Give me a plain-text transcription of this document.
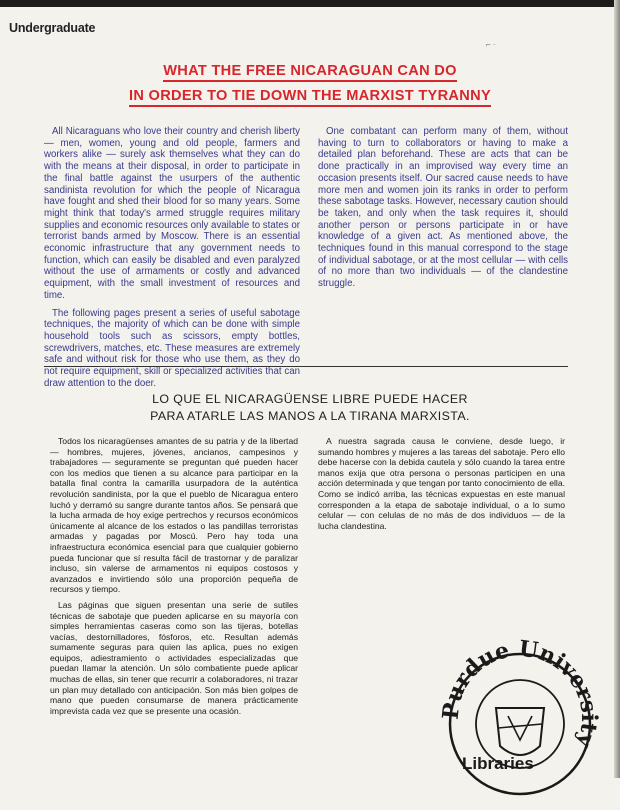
⌐ ·
Undergraduate
WHAT THE FREE NICARAGUAN CAN DO
IN ORDER TO TIE DOWN THE MARXIST TYRANNY

All Nicaraguans who love their country and cherish liberty — men, women, young and old people, farmers and workers alike — surely ask themselves what they can do with the means at their disposal, in order to participate in the final battle against the usurpers of the authentic sandinista revolution for which the people of Nicaragua have fought and shed their blood for so many years. Some might think that today's armed struggle requires military supplies and economic resources only available to states or terrorist bands armed by Moscow. There is an essential economic infrastructure that any government needs to function, which can easily be disabled and even paralyzed without the use of armaments or costly and advanced equipment, with the small investment of resources and time.

The following pages present a series of useful sabotage techniques, the majority of which can be done with simple household tools such as scissors, empty bottles, screwdrivers, matches, etc. These measures are extremely safe and without risk for those who use them, as they do not require equipment, skill or specialized activities that can draw attention to the doer.

One combatant can perform many of them, without having to turn to collaborators or having to make a detailed plan beforehand. These are acts that can be done practically in an improvised way every time an occasion presents itself. Our sacred cause needs to have more men and women join its ranks in order to perform these sabotage tasks. However, necessary caution should be taken, and only when the task requires it, should another person or persons participate in or have knowledge of a given act. As mentioned above, the techniques found in this manual correspond to the stage of individual sabotage, or at the most cellular — with cells of no more than two individuals — of the clandestine struggle.

LO QUE EL NICARAGÜENSE LIBRE PUEDE HACER
PARA ATARLE LAS MANOS A LA TIRANA MARXISTA.

Todos los nicaragüenses amantes de su patria y de la libertad — hombres, mujeres, jóvenes, ancianos, campesinos y trabajadores — seguramente se preguntan qué pueden hacer con los medios que tienen a su alcance para participar en la batalla final contra la camarilla usurpadora de la auténtica revolución sandinista, por la que el pueblo de Nicaragua entero luchó y derramó su sangre durante tantos años. Se pensará que la lucha armada de hoy exige pertrechos y recursos económicos únicamente al alcance de los estados o las pandillas terroristas armadas y pagadas por Moscú. Pero hay toda una infraestructura económica esencial para que cualquier gobierno pueda funcionar que sí resulta fácil de trastornar y de paralizar incluso, sin valerse de armamentos ni equipos costosos y avanzados e invirtiendo sólo una proporción pequeña de recursos y tiempo.

Las páginas que siguen presentan una serie de sutiles técnicas de sabotaje que pueden aplicarse en su mayoría con simples herramientas caseras como son las tijeras, botellas vacías, destornilladores, fósforos, etc. Resultan además sumamente seguras para quien las aplica, pues no exigen equipos, adiestramiento o actividades especializadas que puedan llamar la atención. Un sólo combatiente puede aplicar muchas de ellas, sin tener que recurrir a colaboradores, ni trazar un plan muy detallado con anticipación. Son más bien golpes de mano que pueden consumarse de manera prácticamente imprevista cada vez que se presente una ocasión.

A nuestra sagrada causa le conviene, desde luego, ir sumando hombres y mujeres a las tareas del sabotaje. Pero ello debe hacerse con la debida cautela y sólo cuando la tarea entre manos exija que otra persona o personas participen en una acción determinada y que tengan por tanto conocimiento de ella. Como se indicó arriba, las técnicas expuestas en este manual corresponden a la etapa de sabotaje individual, o a lo sumo celular — con celulas de no más de dos individuos — de la lucha clandestina.

Purdue University
Libraries
